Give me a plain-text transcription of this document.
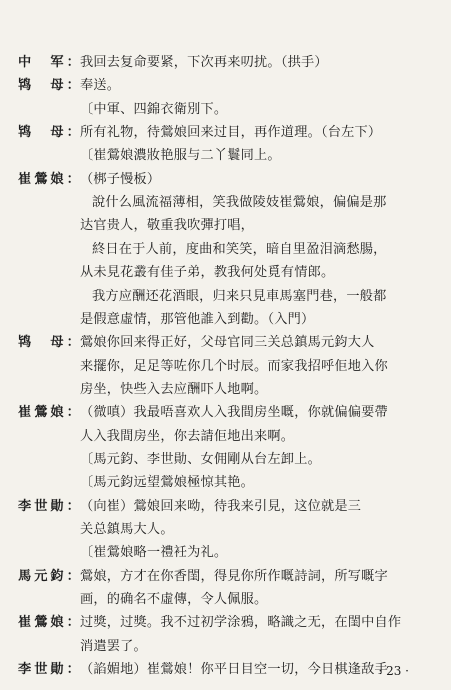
中　军： 我回去复命要紧，下次再来叨扰。（拱手）
鸨　母： 奉送。
〔中軍、四錦衣衛別下。
鸨　母： 所有礼物，待鶯娘回来过目，再作道理。（台左下）
〔崔鶯娘濃妝艳服与二丫鬟同上。
崔鶯娘： （梆子慢板）
說什么風流福薄相，笑我做陵妓崔鶯娘，偏偏是那
达官贵人，敬重我吹彈打唱，
終日在于人前，度曲和笑笑，暗自里盈泪滴愁腸，
从未見花叢有佳子弟，教我何处覓有情郎。
我方应酬还花酒眼，归来只見車馬塞門巷，一般都
是假意虛情，那管他誰入到勸。（入門）
鸨　母： 鶯娘你回来得正好，父母官同三关总鎮馬元鈞大人
来擺你，足足等咗你几个时辰。而家我招呼佢地入你
房坐，快些入去应酬吓人地啊。
崔鶯娘： （微嗔）我最唔喜欢人入我間房坐嘅，你就偏偏要帶
人入我間房坐，你去請佢地出来啊。
〔馬元鈞、李世勛、女佣剛从台左卸上。
〔馬元鈞远望鶯娘極惊其艳。
李世勛： （向崔）鶯娘回来呦，待我来引見，这位就是三
关总鎮馬大人。
〔崔鶯娘略一禮衽为礼。
馬元鈞： 鶯娘，方才在你香閨，得見你所作嘅詩詞，所写嘅字
画，的确名不虛傳，令人佩服。
崔鶯娘： 过獎，过獎。我不过初学涂鴉，略識之无，在閨中自作
消遣罢了。
李世勛： （諂媚地）崔鶯娘！你平日目空一切，今日棋逢敌手
· 23 ·
